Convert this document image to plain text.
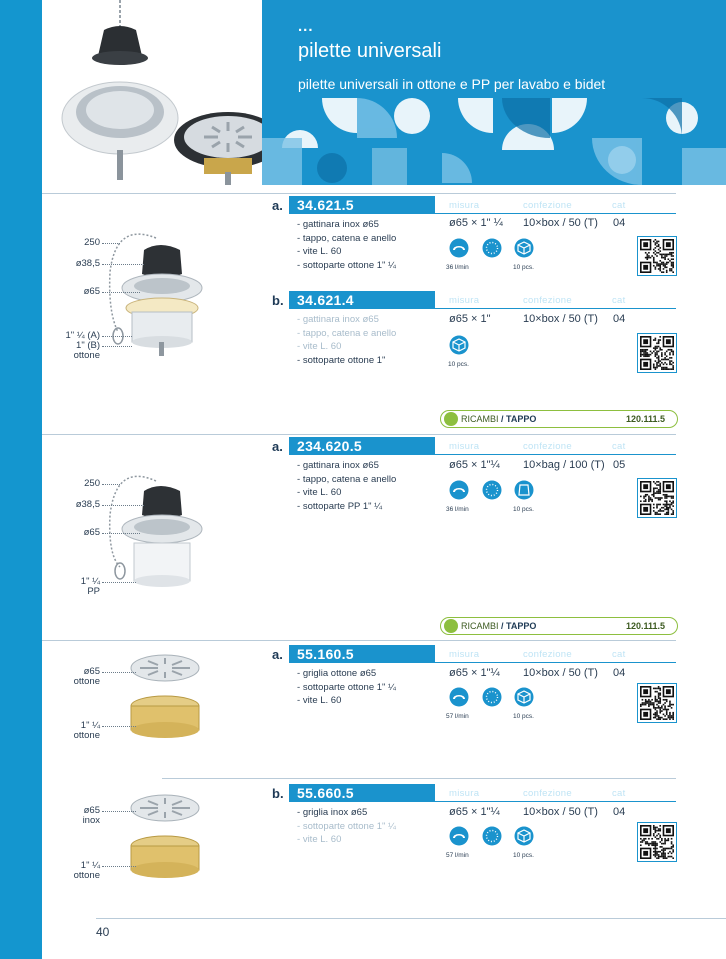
...
pilette universali
pilette universali in ottone e PP per lavabo e bidet
250
ø38,5
ø65
1" ¼ (A)
1" (B)
ottone
a.	34.621.5	misura	confezione	cat
- gattinara inox ø65
- tappo, catena e anello
- vite L. 60
- sottoparte ottone 1" ¼
ø65 × 1" ¼ 10×box / 50 (T) 04
36 l/min	10 pcs.
b. 34.621.4	misura	confezione	cat
- gattinara inox ø65
- tappo, catena e anello
- vite L. 60
- sottoparte ottone 1"
ø65 × 1"	10×box / 50 (T) 04
10 pcs.
RICAMBI / TAPPO	120.111.5
250
ø38,5
ø65
1" ¼
PP
a.	234.620.5	misura	confezione	cat
- gattinara inox ø65
- tappo, catena e anello
- vite L. 60
- sottoparte PP 1" ¼
ø65 × 1"¼ 10×bag / 100 (T) 05
36 l/min	10 pcs.
RICAMBI / TAPPO	120.111.5
ø65
ottone
1" ¼
ottone
a.	55.160.5	misura	confezione	cat
- griglia ottone ø65
- sottoparte ottone 1" ¼
- vite L. 60
ø65 × 1"¼ 10×box / 50 (T) 04
57 l/min	10 pcs.
ø65
inox
1" ¼
ottone
b. 55.660.5	misura	confezione	cat
- griglia inox ø65
- sottoparte ottone 1" ¼
- vite L. 60
ø65 × 1"¼ 10×box / 50 (T) 04
57 l/min	10 pcs.
40
